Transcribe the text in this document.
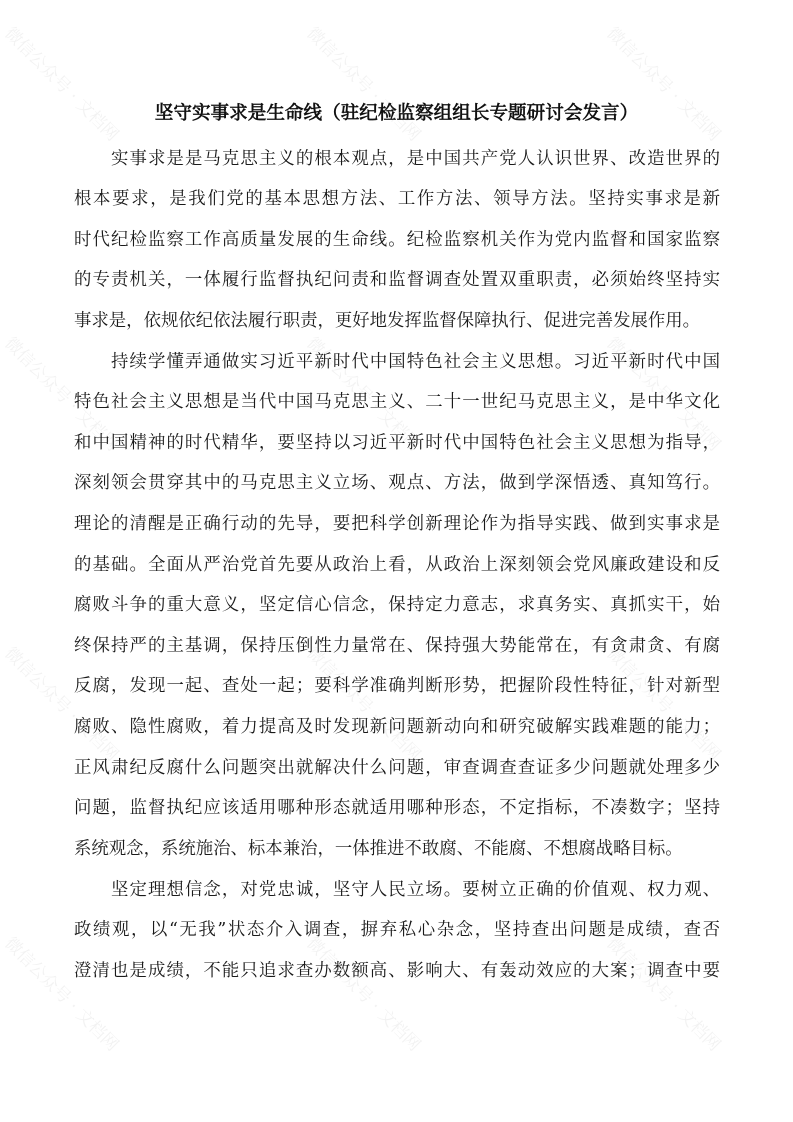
坚守实事求是生命线（驻纪检监察组组长专题研讨会发言）
实事求是是马克思主义的根本观点，是中国共产党人认识世界、改造世界的
根本要求，是我们党的基本思想方法、工作方法、领导方法。坚持实事求是新
时代纪检监察工作高质量发展的生命线。纪检监察机关作为党内监督和国家监察
的专责机关，一体履行监督执纪问责和监督调查处置双重职责，必须始终坚持实
事求是，依规依纪依法履行职责，更好地发挥监督保障执行、促进完善发展作用。
持续学懂弄通做实习近平新时代中国特色社会主义思想。习近平新时代中国
特色社会主义思想是当代中国马克思主义、二十一世纪马克思主义，是中华文化
和中国精神的时代精华，要坚持以习近平新时代中国特色社会主义思想为指导，
深刻领会贯穿其中的马克思主义立场、观点、方法，做到学深悟透、真知笃行。
理论的清醒是正确行动的先导，要把科学创新理论作为指导实践、做到实事求是
的基础。全面从严治党首先要从政治上看，从政治上深刻领会党风廉政建设和反
腐败斗争的重大意义，坚定信心信念，保持定力意志，求真务实、真抓实干，始
终保持严的主基调，保持压倒性力量常在、保持强大势能常在，有贪肃贪、有腐
反腐，发现一起、查处一起；要科学准确判断形势，把握阶段性特征，针对新型
腐败、隐性腐败，着力提高及时发现新问题新动向和研究破解实践难题的能力；
正风肃纪反腐什么问题突出就解决什么问题，审查调查查证多少问题就处理多少
问题，监督执纪应该适用哪种形态就适用哪种形态，不定指标，不凑数字；坚持
系统观念，系统施治、标本兼治，一体推进不敢腐、不能腐、不想腐战略目标。
坚定理想信念，对党忠诚，坚守人民立场。要树立正确的价值观、权力观、
政绩观，以“无我”状态介入调查，摒弃私心杂念，坚持查出问题是成绩，查否
澄清也是成绩，不能只追求查办数额高、影响大、有轰动效应的大案；调查中要
微信公众号 · 文档网	微信公众号 · 文档网	微信公众号 · 文档网
微信公众号 · 文档网	微信公众号 · 文档网	微信公众号 · 文档网
微信公众号 · 文档网	微信公众号 · 文档网	微信公众号 · 文档网
微信公众号 · 文档网	微信公众号 · 文档网	微信公众号 · 文档网
